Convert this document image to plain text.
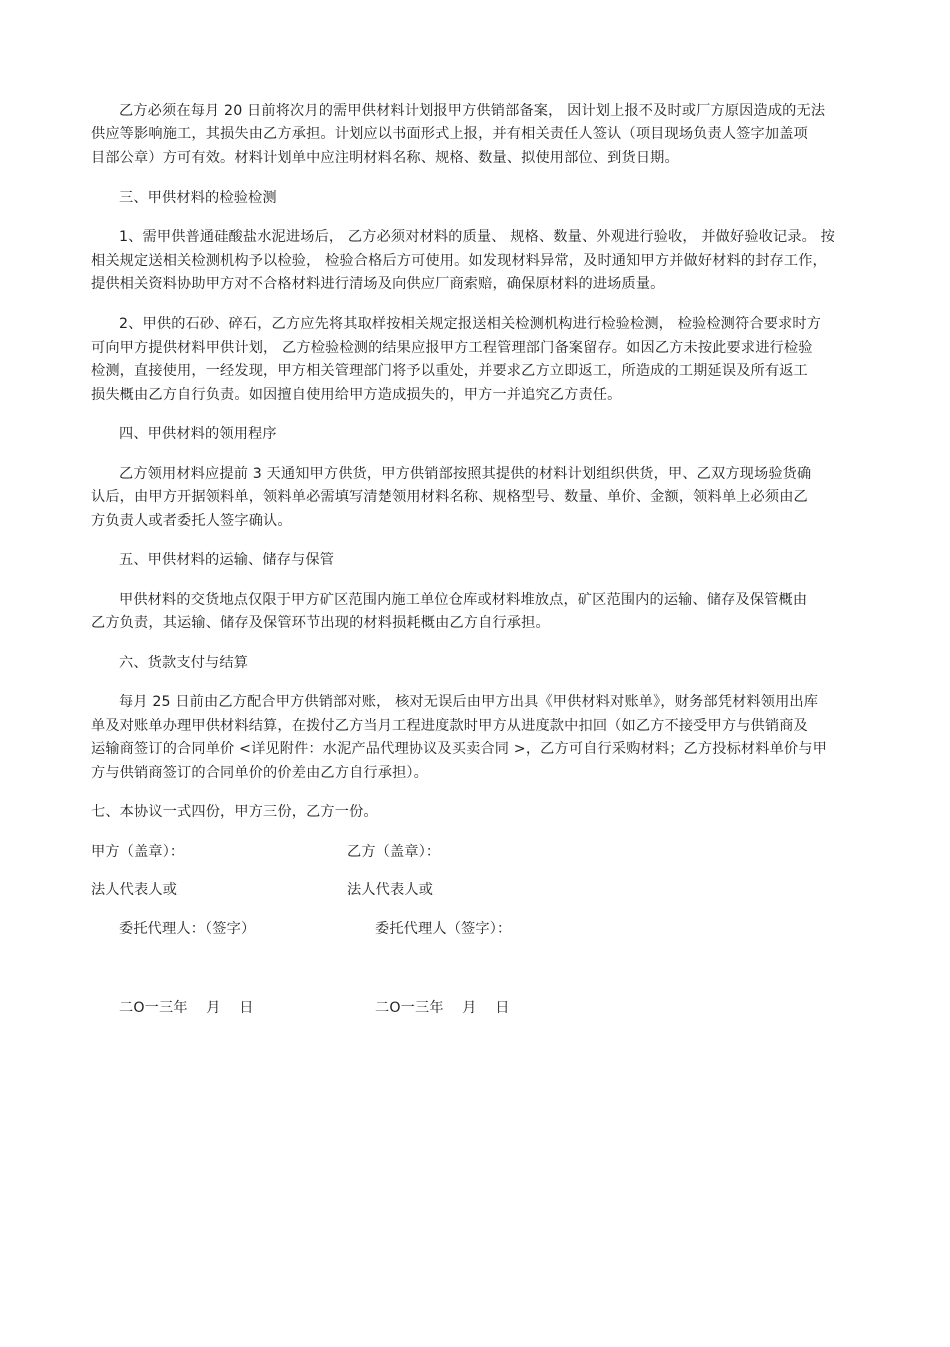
乙方必须在每月 20 日前将次月的需甲供材料计划报甲方供销部备案， 因计划上报不及时或厂方原因造成的无法
供应等影响施工，其损失由乙方承担。计划应以书面形式上报，并有相关责任人签认（项目现场负责人签字加盖项
目部公章）方可有效。材料计划单中应注明材料名称、规格、数量、拟使用部位、到货日期。
三、甲供材料的检验检测
1、需甲供普通硅酸盐水泥进场后， 乙方必须对材料的质量、 规格、数量、外观进行验收， 并做好验收记录。 按
相关规定送相关检测机构予以检验， 检验合格后方可使用。如发现材料异常，及时通知甲方并做好材料的封存工作，
提供相关资料协助甲方对不合格材料进行清场及向供应厂商索赔，确保原材料的进场质量。
2、甲供的石砂、碎石，乙方应先将其取样按相关规定报送相关检测机构进行检验检测， 检验检测符合要求时方
可向甲方提供材料甲供计划， 乙方检验检测的结果应报甲方工程管理部门备案留存。如因乙方未按此要求进行检验
检测，直接使用，一经发现，甲方相关管理部门将予以重处，并要求乙方立即返工，所造成的工期延误及所有返工
损失概由乙方自行负责。如因擅自使用给甲方造成损失的，甲方一并追究乙方责任。
四、甲供材料的领用程序
乙方领用材料应提前 3 天通知甲方供货，甲方供销部按照其提供的材料计划组织供货，甲、乙双方现场验货确
认后，由甲方开据领料单，领料单必需填写清楚领用材料名称、规格型号、数量、单价、金额，领料单上必须由乙
方负责人或者委托人签字确认。
五、甲供材料的运输、储存与保管
甲供材料的交货地点仅限于甲方矿区范围内施工单位仓库或材料堆放点，矿区范围内的运输、储存及保管概由
乙方负责，其运输、储存及保管环节出现的材料损耗概由乙方自行承担。
六、货款支付与结算
每月 25 日前由乙方配合甲方供销部对账， 核对无误后由甲方出具《甲供材料对账单》，财务部凭材料领用出库
单及对账单办理甲供材料结算，在拨付乙方当月工程进度款时甲方从进度款中扣回（如乙方不接受甲方与供销商及
运输商签订的合同单价 <详见附件：水泥产品代理协议及买卖合同 >，乙方可自行采购材料；乙方投标材料单价与甲
方与供销商签订的合同单价的价差由乙方自行承担）。
七、本协议一式四份，甲方三份，乙方一份。
甲方（盖章）：	乙方（盖章）：
法人代表人或	法人代表人或
委托代理人：（签字）	委托代理人（签字）：
二O一三年    月    日	二O一三年    月    日
